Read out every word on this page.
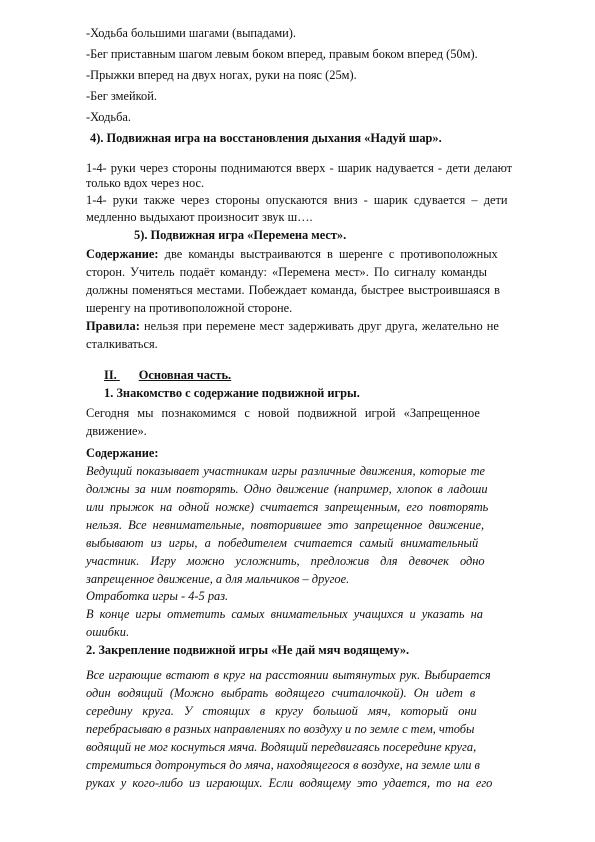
-Ходьба большими шагами (выпадами).
-Бег приставным шагом левым боком вперед, правым боком вперед (50м).
-Прыжки вперед на двух ногах, руки на пояс (25м).
-Бег змейкой.
-Ходьба.
4). Подвижная игра на восстановления дыхания «Надуй шар».
1-4- руки через стороны поднимаются вверх - шарик надувается - дети делают
только вдох через нос.
1-4- руки также через стороны опускаются вниз - шарик сдувается – дети
медленно выдыхают произносит звук ш….
5). Подвижная игра «Перемена мест».
Содержание: две команды выстраиваются в шеренге с противоположных
сторон. Учитель подаёт команду: «Перемена мест». По сигналу команды
должны поменяться местами. Побеждает команда, быстрее выстроившаяся в
шеренгу на противоположной стороне.
Правила: нельзя при перемене мест задерживать друг друга, желательно не
сталкиваться.
II. Основная часть.
1. Знакомство с содержание подвижной игры.
Сегодня мы познакомимся с новой подвижной игрой «Запрещенное
движение».
Содержание:
Ведущий показывает участникам игры различные движения, которые те
должны за ним повторять. Одно движение (например, хлопок в ладоши
или прыжок на одной ножке) считается запрещенным, его повторять
нельзя. Все невнимательные, повторившее это запрещенное движение,
выбывают из игры, а победителем считается самый внимательный
участник. Игру можно усложнить, предложив для девочек одно
запрещенное движение, а для мальчиков – другое.
Отработка игры - 4-5 раз.
В конце игры отметить самых внимательных учащихся и указать на
ошибки.
2. Закрепление подвижной игры «Не дай мяч водящему».
Все играющие встают в круг на расстоянии вытянутых рук. Выбирается
один водящий (Можно выбрать водящего считалочкой). Он идет в
середину круга. У стоящих в кругу большой мяч, который они
перебрасываю в разных направлениях по воздуху и по земле с тем, чтобы
водящий не мог коснуться мяча. Водящий передвигаясь посередине круга,
стремиться дотронуться до мяча, находящегося в воздухе, на земле или в
руках у кого-либо из играющих. Если водящему это удается, то на его
